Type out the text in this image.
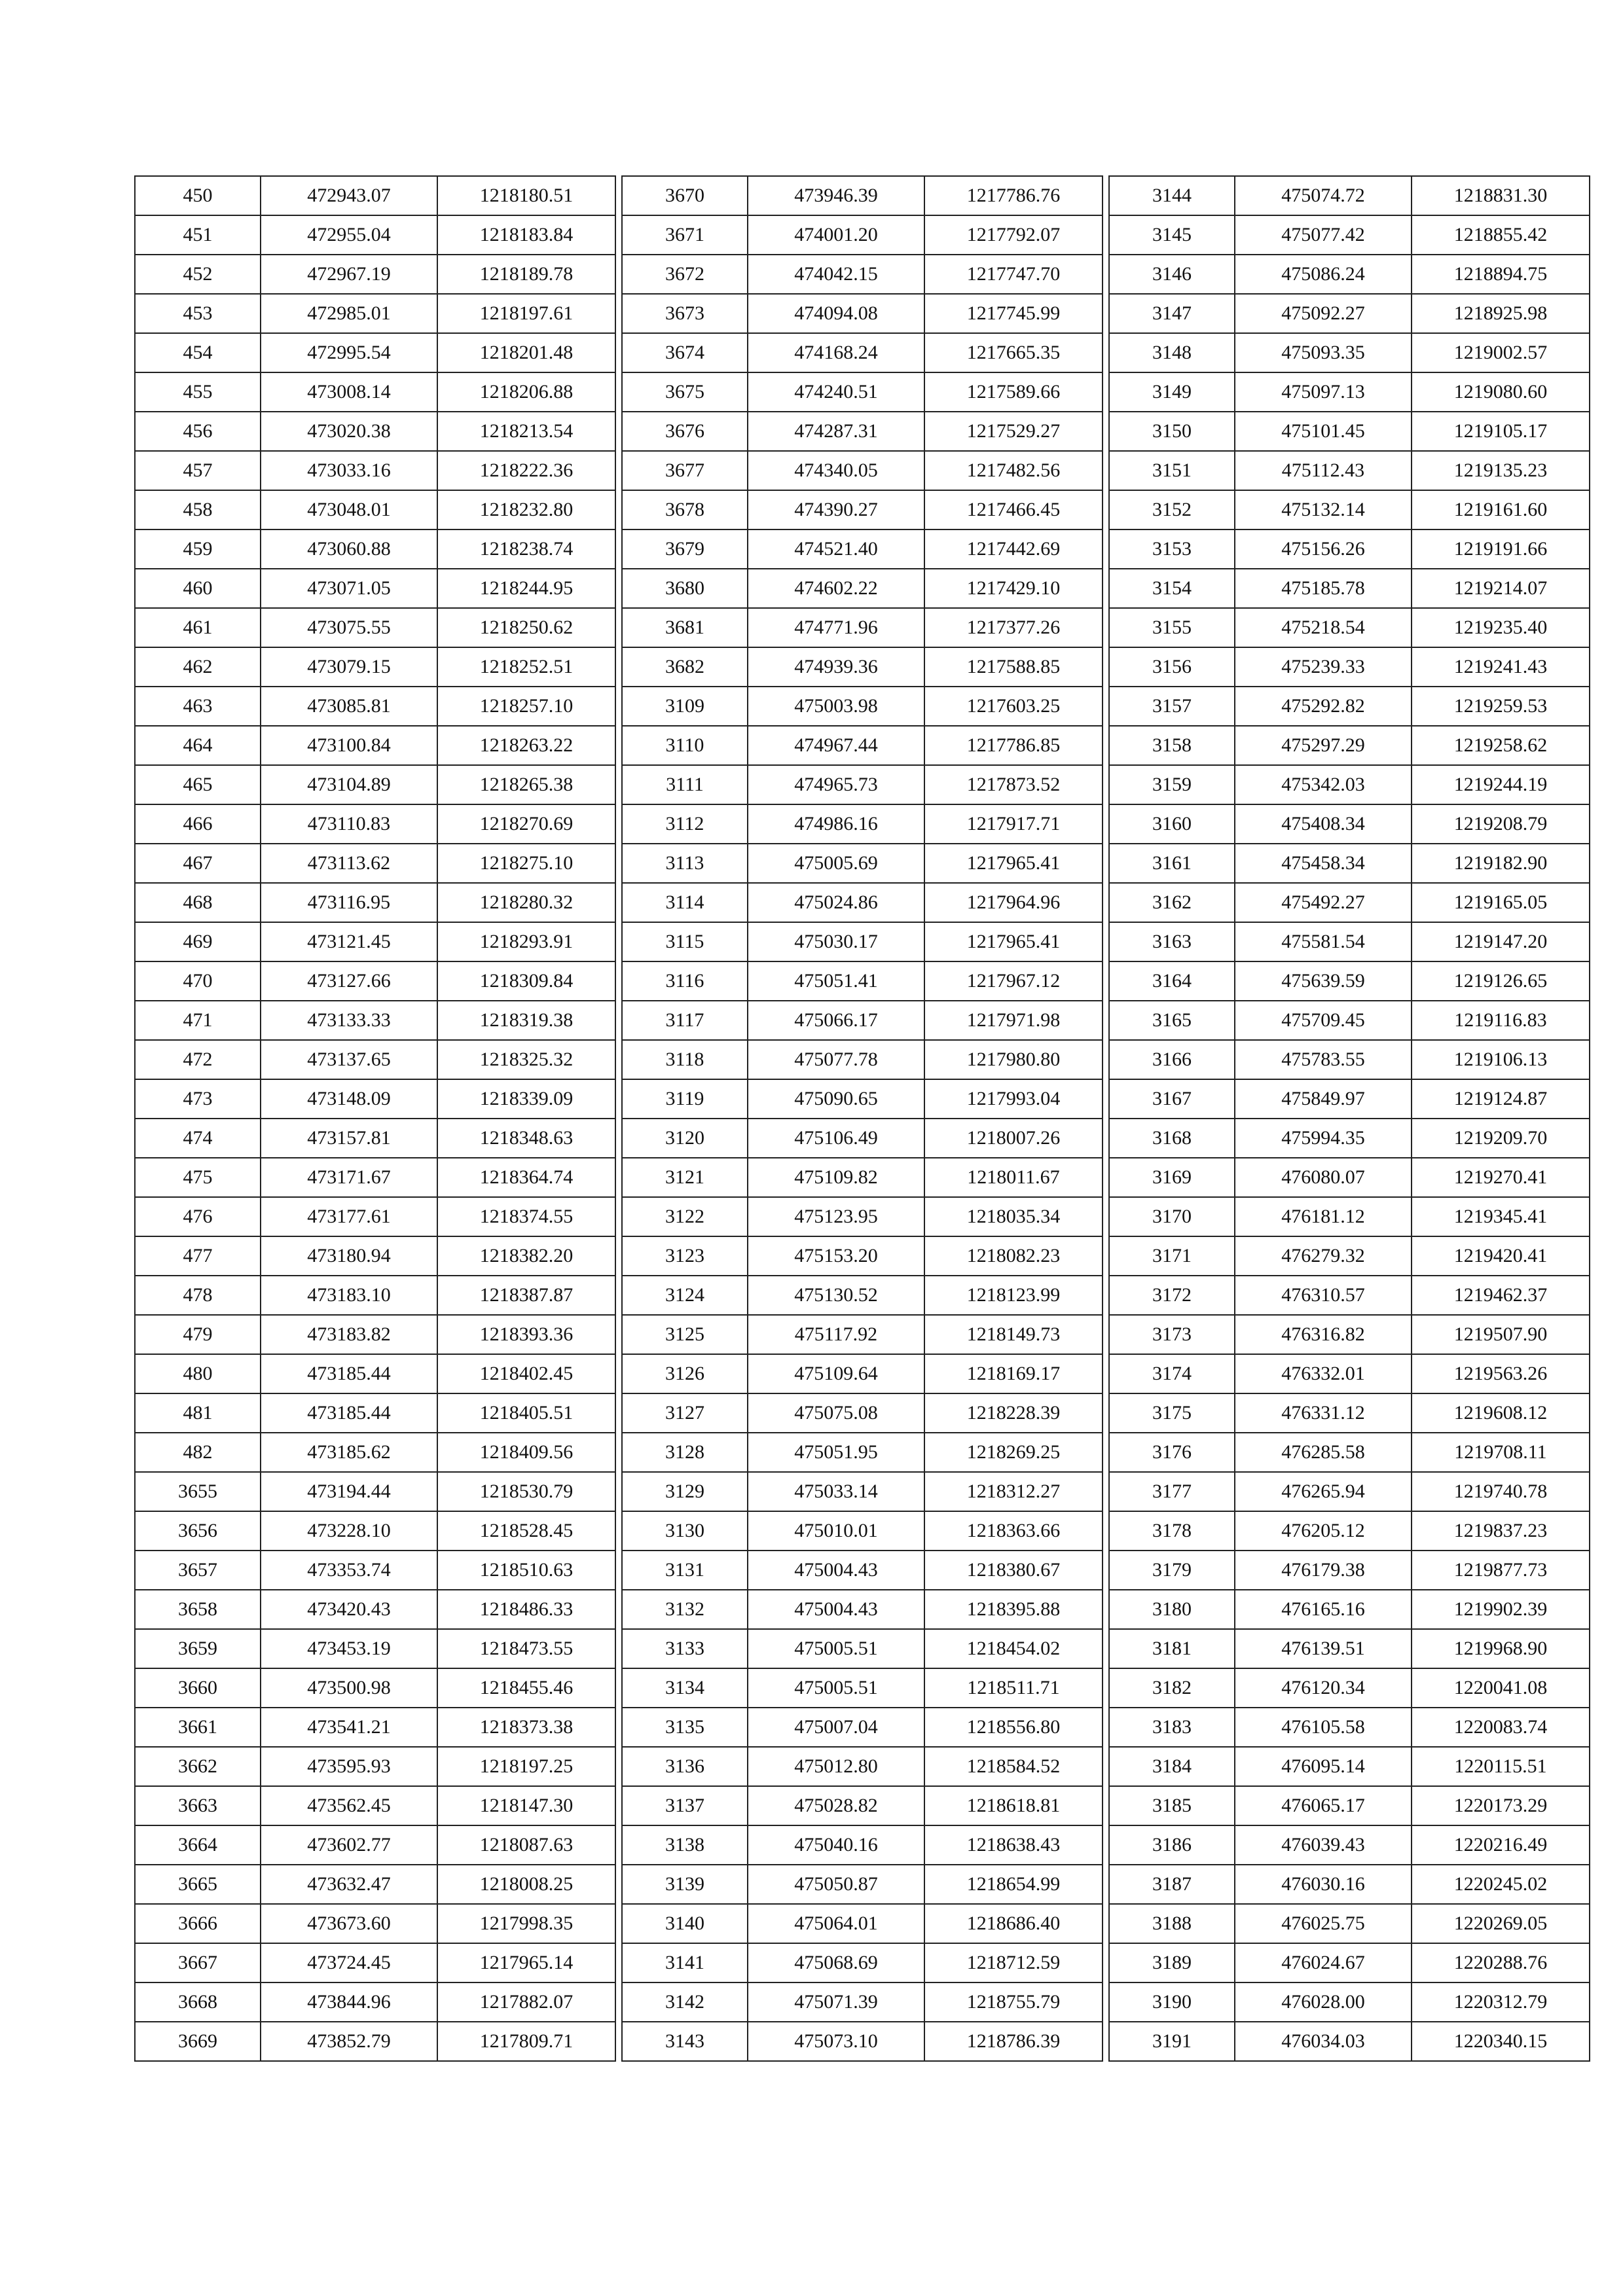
450	472943.07	1218180.51
451	472955.04	1218183.84
452	472967.19	1218189.78
453	472985.01	1218197.61
454	472995.54	1218201.48
455	473008.14	1218206.88
456	473020.38	1218213.54
457	473033.16	1218222.36
458	473048.01	1218232.80
459	473060.88	1218238.74
460	473071.05	1218244.95
461	473075.55	1218250.62
462	473079.15	1218252.51
463	473085.81	1218257.10
464	473100.84	1218263.22
465	473104.89	1218265.38
466	473110.83	1218270.69
467	473113.62	1218275.10
468	473116.95	1218280.32
469	473121.45	1218293.91
470	473127.66	1218309.84
471	473133.33	1218319.38
472	473137.65	1218325.32
473	473148.09	1218339.09
474	473157.81	1218348.63
475	473171.67	1218364.74
476	473177.61	1218374.55
477	473180.94	1218382.20
478	473183.10	1218387.87
479	473183.82	1218393.36
480	473185.44	1218402.45
481	473185.44	1218405.51
482	473185.62	1218409.56
3655	473194.44	1218530.79
3656	473228.10	1218528.45
3657	473353.74	1218510.63
3658	473420.43	1218486.33
3659	473453.19	1218473.55
3660	473500.98	1218455.46
3661	473541.21	1218373.38
3662	473595.93	1218197.25
3663	473562.45	1218147.30
3664	473602.77	1218087.63
3665	473632.47	1218008.25
3666	473673.60	1217998.35
3667	473724.45	1217965.14
3668	473844.96	1217882.07
3669	473852.79	1217809.71
3670	473946.39	1217786.76
3671	474001.20	1217792.07
3672	474042.15	1217747.70
3673	474094.08	1217745.99
3674	474168.24	1217665.35
3675	474240.51	1217589.66
3676	474287.31	1217529.27
3677	474340.05	1217482.56
3678	474390.27	1217466.45
3679	474521.40	1217442.69
3680	474602.22	1217429.10
3681	474771.96	1217377.26
3682	474939.36	1217588.85
3109	475003.98	1217603.25
3110	474967.44	1217786.85
3111	474965.73	1217873.52
3112	474986.16	1217917.71
3113	475005.69	1217965.41
3114	475024.86	1217964.96
3115	475030.17	1217965.41
3116	475051.41	1217967.12
3117	475066.17	1217971.98
3118	475077.78	1217980.80
3119	475090.65	1217993.04
3120	475106.49	1218007.26
3121	475109.82	1218011.67
3122	475123.95	1218035.34
3123	475153.20	1218082.23
3124	475130.52	1218123.99
3125	475117.92	1218149.73
3126	475109.64	1218169.17
3127	475075.08	1218228.39
3128	475051.95	1218269.25
3129	475033.14	1218312.27
3130	475010.01	1218363.66
3131	475004.43	1218380.67
3132	475004.43	1218395.88
3133	475005.51	1218454.02
3134	475005.51	1218511.71
3135	475007.04	1218556.80
3136	475012.80	1218584.52
3137	475028.82	1218618.81
3138	475040.16	1218638.43
3139	475050.87	1218654.99
3140	475064.01	1218686.40
3141	475068.69	1218712.59
3142	475071.39	1218755.79
3143	475073.10	1218786.39
3144	475074.72	1218831.30
3145	475077.42	1218855.42
3146	475086.24	1218894.75
3147	475092.27	1218925.98
3148	475093.35	1219002.57
3149	475097.13	1219080.60
3150	475101.45	1219105.17
3151	475112.43	1219135.23
3152	475132.14	1219161.60
3153	475156.26	1219191.66
3154	475185.78	1219214.07
3155	475218.54	1219235.40
3156	475239.33	1219241.43
3157	475292.82	1219259.53
3158	475297.29	1219258.62
3159	475342.03	1219244.19
3160	475408.34	1219208.79
3161	475458.34	1219182.90
3162	475492.27	1219165.05
3163	475581.54	1219147.20
3164	475639.59	1219126.65
3165	475709.45	1219116.83
3166	475783.55	1219106.13
3167	475849.97	1219124.87
3168	475994.35	1219209.70
3169	476080.07	1219270.41
3170	476181.12	1219345.41
3171	476279.32	1219420.41
3172	476310.57	1219462.37
3173	476316.82	1219507.90
3174	476332.01	1219563.26
3175	476331.12	1219608.12
3176	476285.58	1219708.11
3177	476265.94	1219740.78
3178	476205.12	1219837.23
3179	476179.38	1219877.73
3180	476165.16	1219902.39
3181	476139.51	1219968.90
3182	476120.34	1220041.08
3183	476105.58	1220083.74
3184	476095.14	1220115.51
3185	476065.17	1220173.29
3186	476039.43	1220216.49
3187	476030.16	1220245.02
3188	476025.75	1220269.05
3189	476024.67	1220288.76
3190	476028.00	1220312.79
3191	476034.03	1220340.15
